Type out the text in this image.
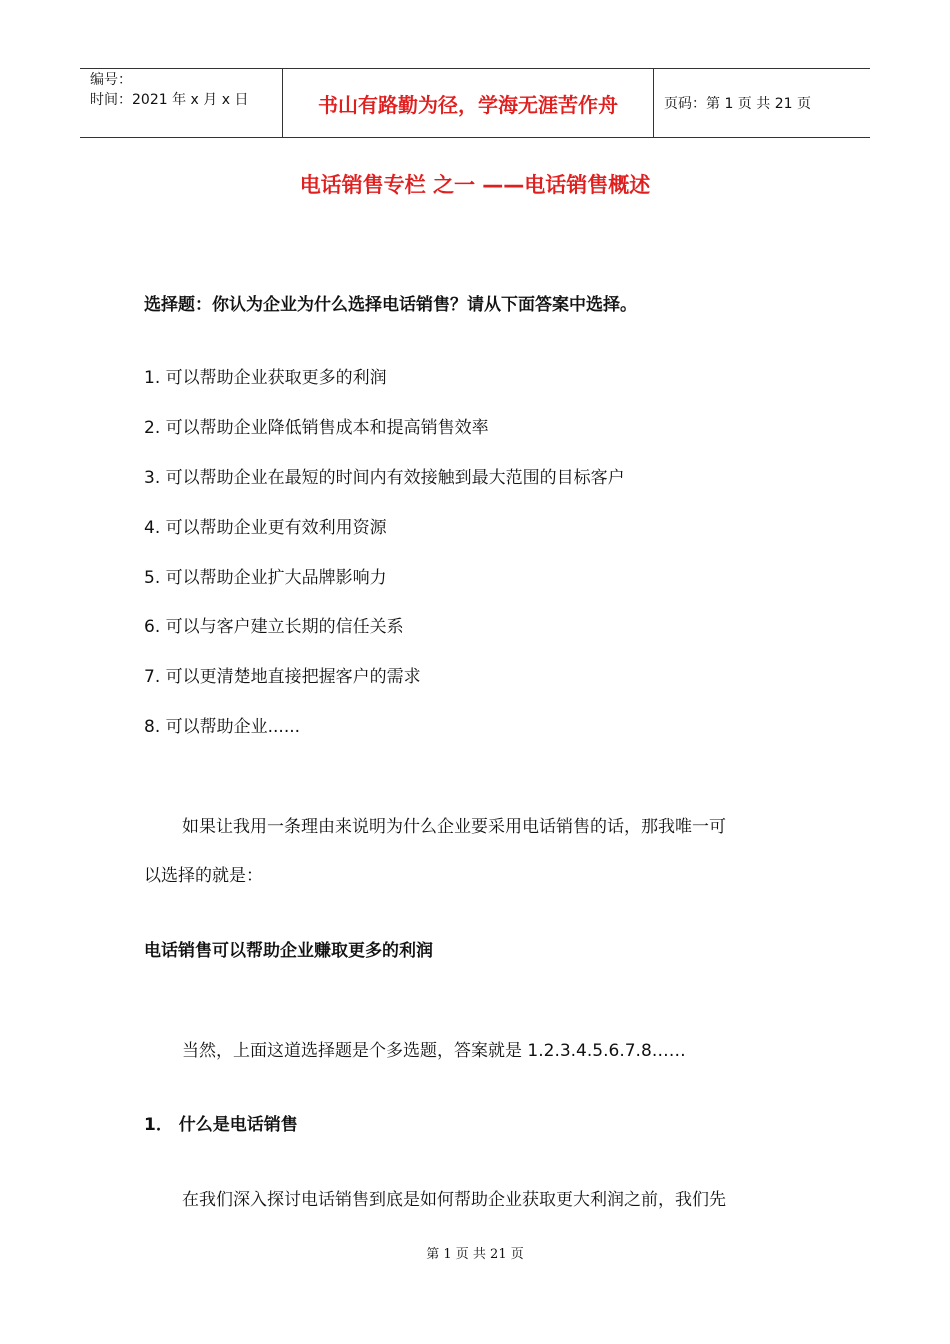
编号：
时间：2021 年 x 月 x 日	书山有路勤为径，学海无涯苦作舟	页码：第 1 页 共 21 页
电话销售专栏 之一 ——电话销售概述
选择题：你认为企业为什么选择电话销售？请从下面答案中选择。
1. 可以帮助企业获取更多的利润
2. 可以帮助企业降低销售成本和提高销售效率
3. 可以帮助企业在最短的时间内有效接触到最大范围的目标客户
4. 可以帮助企业更有效利用资源
5. 可以帮助企业扩大品牌影响力
6. 可以与客户建立长期的信任关系
7. 可以更清楚地直接把握客户的需求
8. 可以帮助企业......
如果让我用一条理由来说明为什么企业要采用电话销售的话，那我唯一可
以选择的就是：
电话销售可以帮助企业赚取更多的利润
当然，上面这道选择题是个多选题，答案就是 1.2.3.4.5.6.7.8……
1． 什么是电话销售
在我们深入探讨电话销售到底是如何帮助企业获取更大利润之前，我们先
第 1 页 共 21 页
